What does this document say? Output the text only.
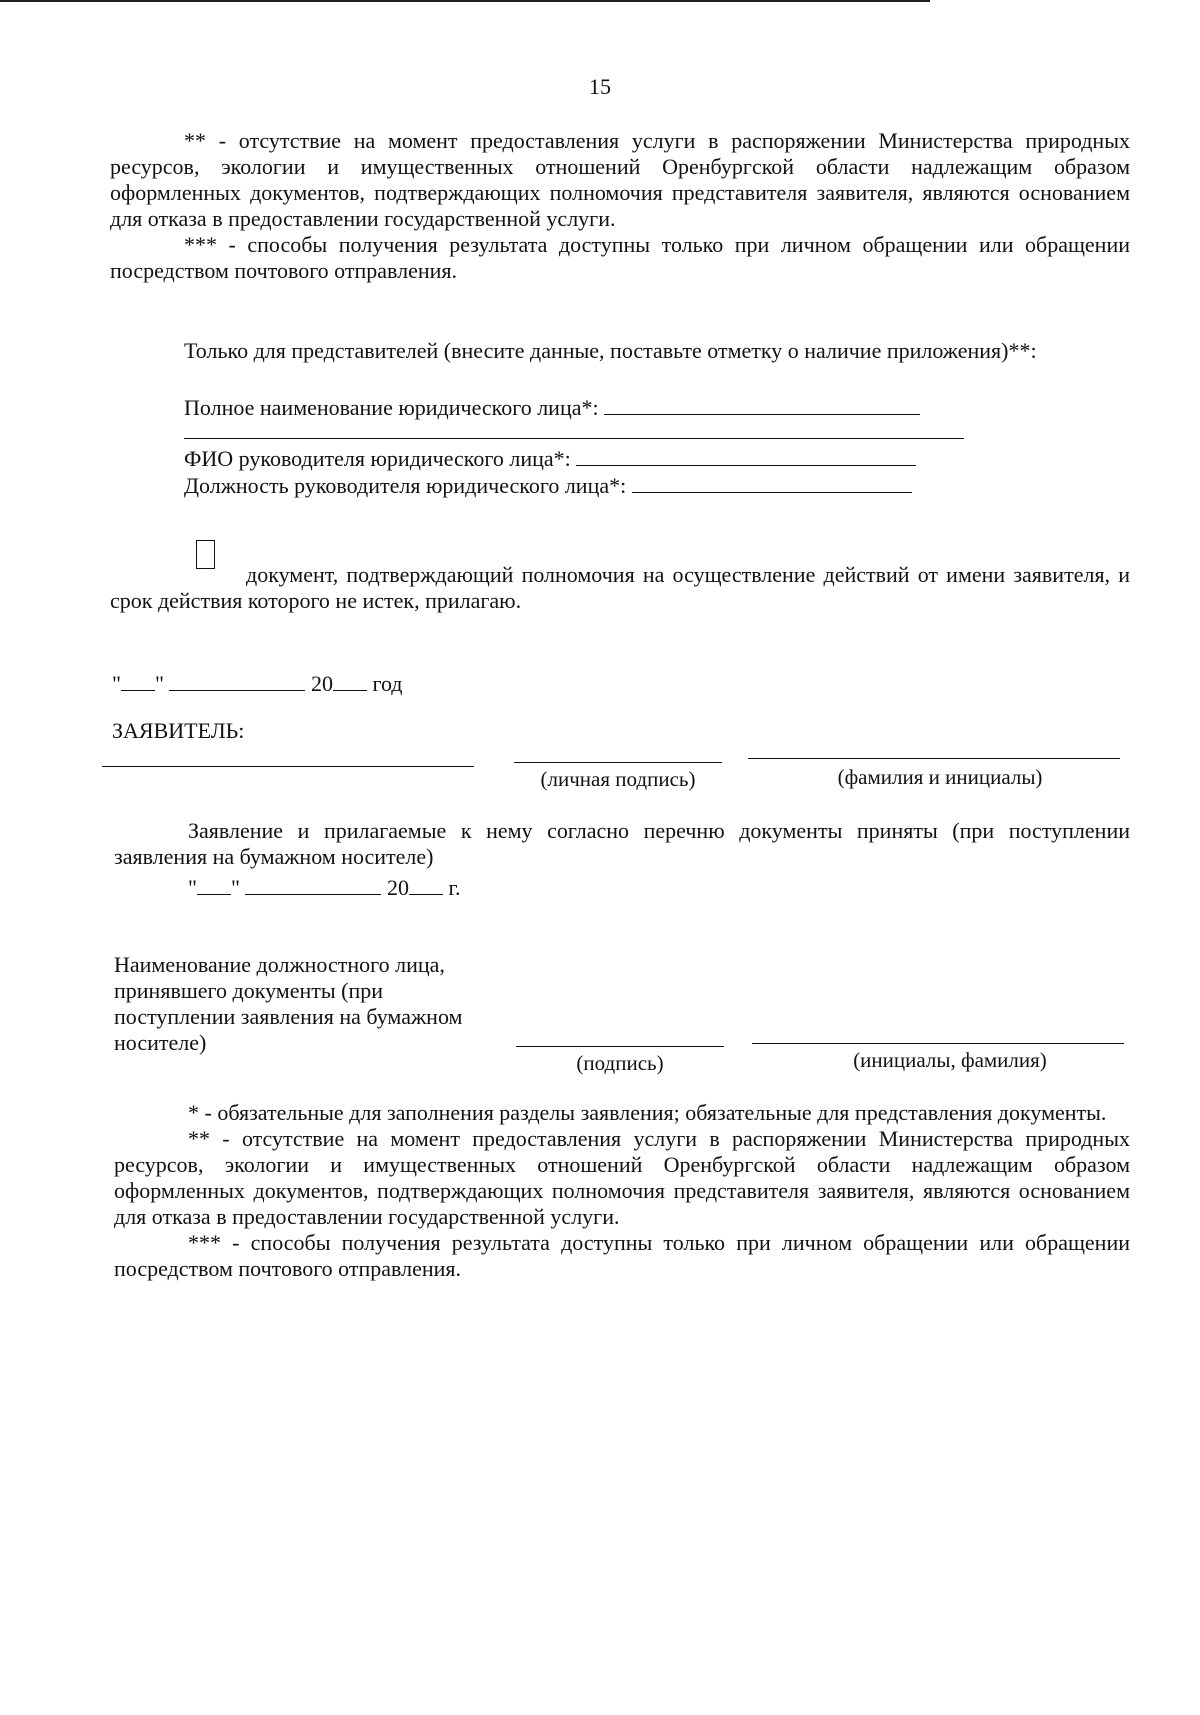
15

** - отсутствие на момент предоставления услуги в распоряжении Министерства природных ресурсов, экологии и имущественных отношений Оренбургской области надлежащим образом оформленных документов, подтверждающих полномочия представителя заявителя, являются основанием для отказа в предоставлении государственной услуги.

*** - способы получения результата доступны только при личном обращении или обращении посредством почтового отправления.

Только для представителей (внесите данные, поставьте отметку о наличие приложения)**:

Полное наименование юридического лица*:
ФИО руководителя юридического лица*:
Должность руководителя юридического лица*:

документ, подтверждающий полномочия на осуществление действий от имени заявителя, и срок действия которого не истек, прилагаю.

" "	20 год
ЗАЯВИТЕЛЬ:
(личная подпись)	(фамилия и инициалы)

Заявление и прилагаемые к нему согласно перечню документы приняты (при поступлении заявления на бумажном носителе)

" "	20 г.
Наименование должностного лица, принявшего документы (при поступлении заявления на бумажном носителе)
(подпись)	(инициалы, фамилия)

* - обязательные для заполнения разделы заявления; обязательные для представления документы.

** - отсутствие на момент предоставления услуги в распоряжении Министерства природных ресурсов, экологии и имущественных отношений Оренбургской области надлежащим образом оформленных документов, подтверждающих полномочия представителя заявителя, являются основанием для отказа в предоставлении государственной услуги.

*** - способы получения результата доступны только при личном обращении или обращении посредством почтового отправления.
